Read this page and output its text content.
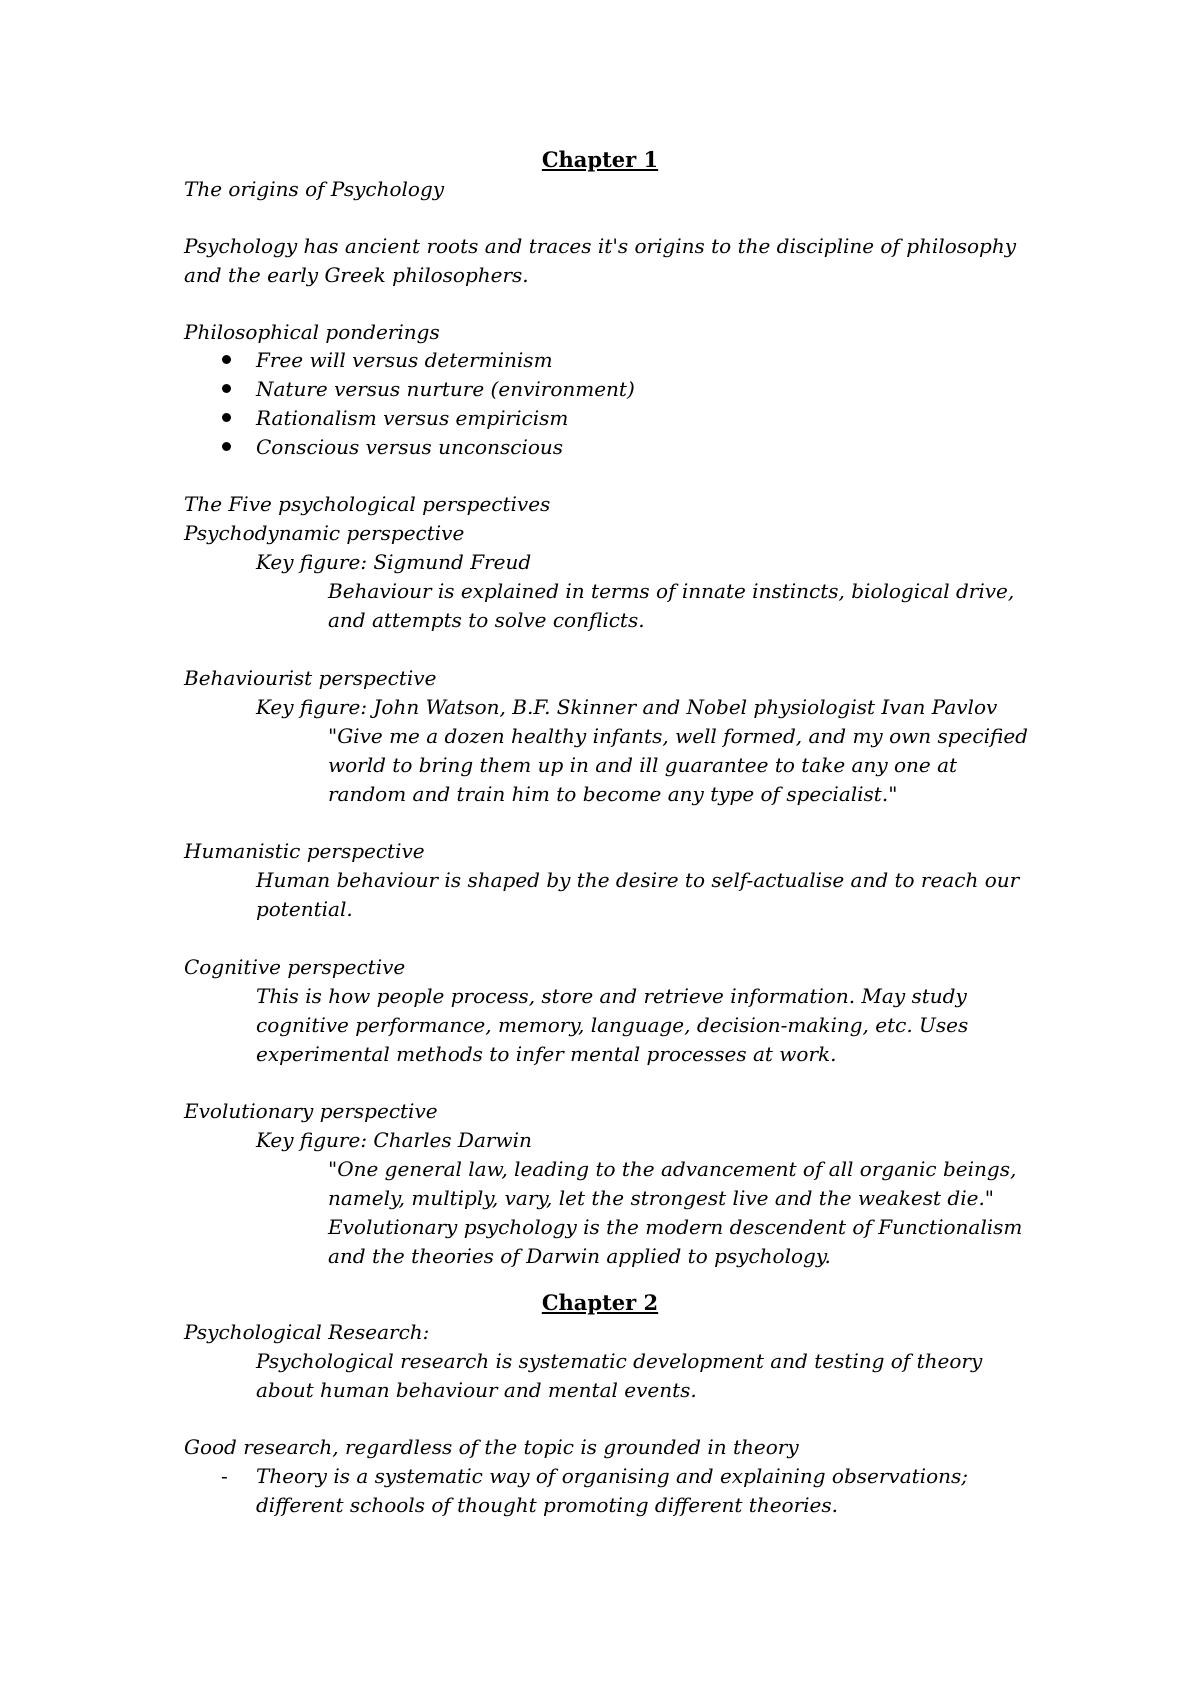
Chapter 1
The origins of Psychology
Psychology has ancient roots and traces it's origins to the discipline of philosophy
and the early Greek philosophers.
Philosophical ponderings
Free will versus determinism
Nature versus nurture (environment)
Rationalism versus empiricism
Conscious versus unconscious
The Five psychological perspectives
Psychodynamic perspective
Key figure: Sigmund Freud
Behaviour is explained in terms of innate instincts, biological drive,
and attempts to solve conflicts.
Behaviourist perspective
Key figure: John Watson, B.F. Skinner and Nobel physiologist Ivan Pavlov
"Give me a dozen healthy infants, well formed, and my own specified
world to bring them up in and ill guarantee to take any one at
random and train him to become any type of specialist."
Humanistic perspective
Human behaviour is shaped by the desire to self-actualise and to reach our
potential.
Cognitive perspective
This is how people process, store and retrieve information. May study
cognitive performance, memory, language, decision-making, etc. Uses
experimental methods to infer mental processes at work.
Evolutionary perspective
Key figure: Charles Darwin
"One general law, leading to the advancement of all organic beings,
namely, multiply, vary, let the strongest live and the weakest die."
Evolutionary psychology is the modern descendent of Functionalism
and the theories of Darwin applied to psychology.
Chapter 2
Psychological Research:
Psychological research is systematic development and testing of theory
about human behaviour and mental events.
Good research, regardless of the topic is grounded in theory
- Theory is a systematic way of organising and explaining observations;
different schools of thought promoting different theories.
